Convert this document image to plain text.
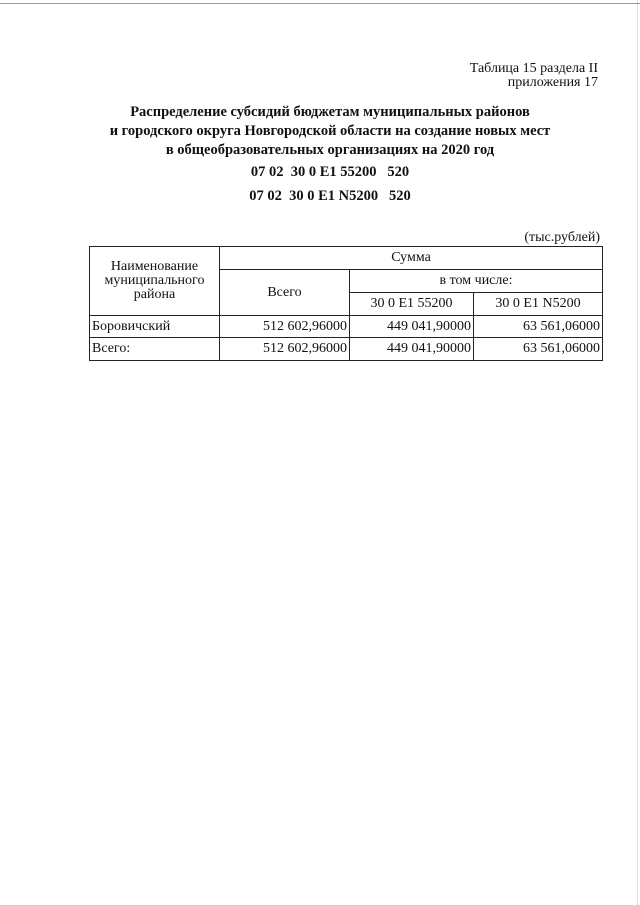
Таблица 15 раздела II
приложения 17
Распределение субсидий бюджетам муниципальных районов
и городского округа Новгородской области на создание новых мест
в общеобразовательных организациях на 2020 год
07 02  30 0 E1 55200   520
07 02  30 0 E1 N5200   520
(тыс.рублей)
Наименование муниципального района	Сумма		
	Всего	в том числе:	
		30 0 E1 55200	30 0 E1 N5200
Боровичский	512 602,96000	449 041,90000	63 561,06000
Всего:	512 602,96000	449 041,90000	63 561,06000
